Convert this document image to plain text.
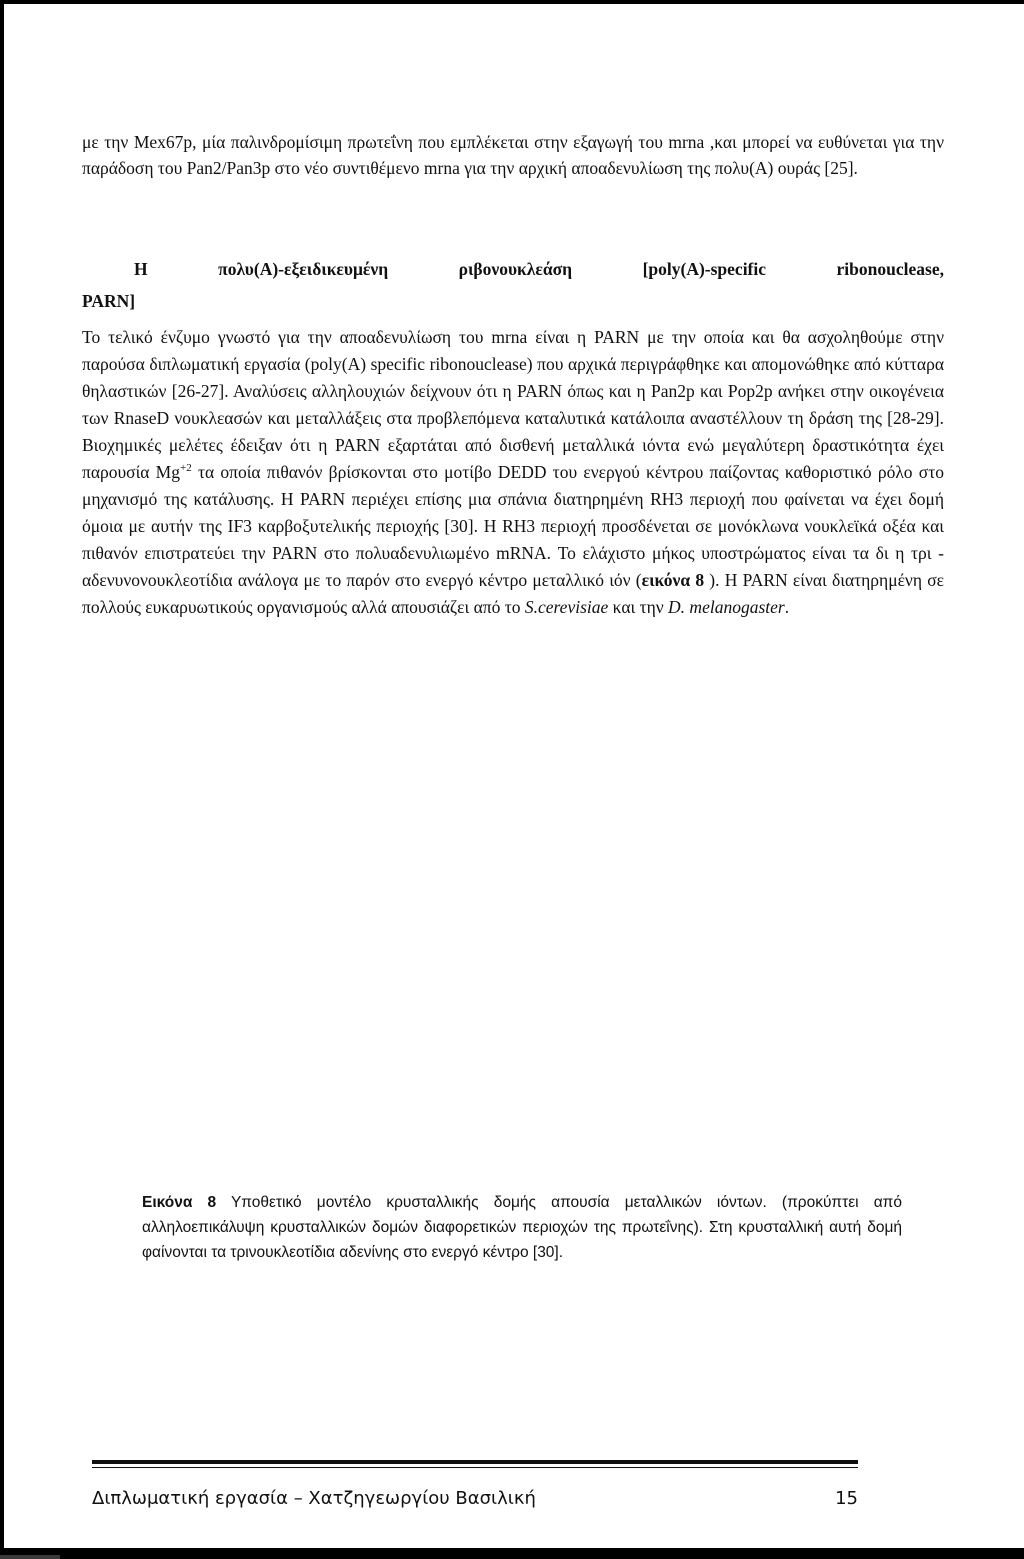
με την Mex67p, μία παλινδρομίσιμη πρωτεΐνη που εμπλέκεται στην εξαγωγή του mrna ,και μπορεί να ευθύνεται για την παράδοση του Pan2/Pan3p στο νέο συντιθέμενο mrna για την αρχική αποαδενυλίωση της πολυ(A) ουράς [25].

Η	πολυ(A)-εξειδικευμένη	ριβονουκλεάση	[poly(A)-specific	ribonouclease,
PARN]

Το τελικό ένζυμο γνωστό για την αποαδενυλίωση του mrna είναι η PARN με την οποία και θα ασχοληθούμε στην παρούσα διπλωματική εργασία (poly(A) specific ribonouclease) που αρχικά περιγράφθηκε και απομονώθηκε από κύτταρα θηλαστικών [26-27]. Αναλύσεις αλληλουχιών δείχνουν ότι η PARN όπως και η Pan2p και Pop2p ανήκει στην οικογένεια των RnaseD νουκλεασών και μεταλλάξεις στα προβλεπόμενα καταλυτικά κατάλοιπα αναστέλλουν τη δράση της [28-29]. Βιοχημικές μελέτες έδειξαν ότι η PARN εξαρτάται από δισθενή μεταλλικά ιόντα ενώ μεγαλύτερη δραστικότητα έχει παρουσία $Mg^{+2}$ τα οποία πιθανόν βρίσκονται στο μοτίβο DEDD του ενεργού κέντρου παίζοντας καθοριστικό ρόλο στο μηχανισμό της κατάλυσης. Η PARN περιέχει επίσης μια σπάνια διατηρημένη RH3 περιοχή που φαίνεται να έχει δομή όμοια με αυτήν της IF3 καρβοξυτελικής περιοχής [30]. Η RH3 περιοχή προσδένεται σε μονόκλωνα νουκλεϊκά οξέα και πιθανόν επιστρατεύει την PARN στο πολυαδενυλιωμένο mRNA. Το ελάχιστο μήκος υποστρώματος είναι τα δι η τρι - αδενυνονουκλεοτίδια ανάλογα με το παρόν στο ενεργό κέντρο μεταλλικό ιόν (εικόνα 8 ). Η PARN είναι διατηρημένη σε πολλούς ευκαρυωτικούς οργανισμούς αλλά απουσιάζει από το S.cerevisiae και την D. melanogaster.

Εικόνα 8 Υποθετικό μοντέλο κρυσταλλικής δομής απουσία μεταλλικών ιόντων. (προκύπτει από αλληλοεπικάλυψη κρυσταλλικών δομών διαφορετικών περιοχών της πρωτεΐνης). Στη κρυσταλλική αυτή δομή φαίνονται τα τρινουκλεοτίδια αδενίνης στο ενεργό κέντρο [30].

Διπλωματική εργασία – Χατζηγεωργίου Βασιλική	15
